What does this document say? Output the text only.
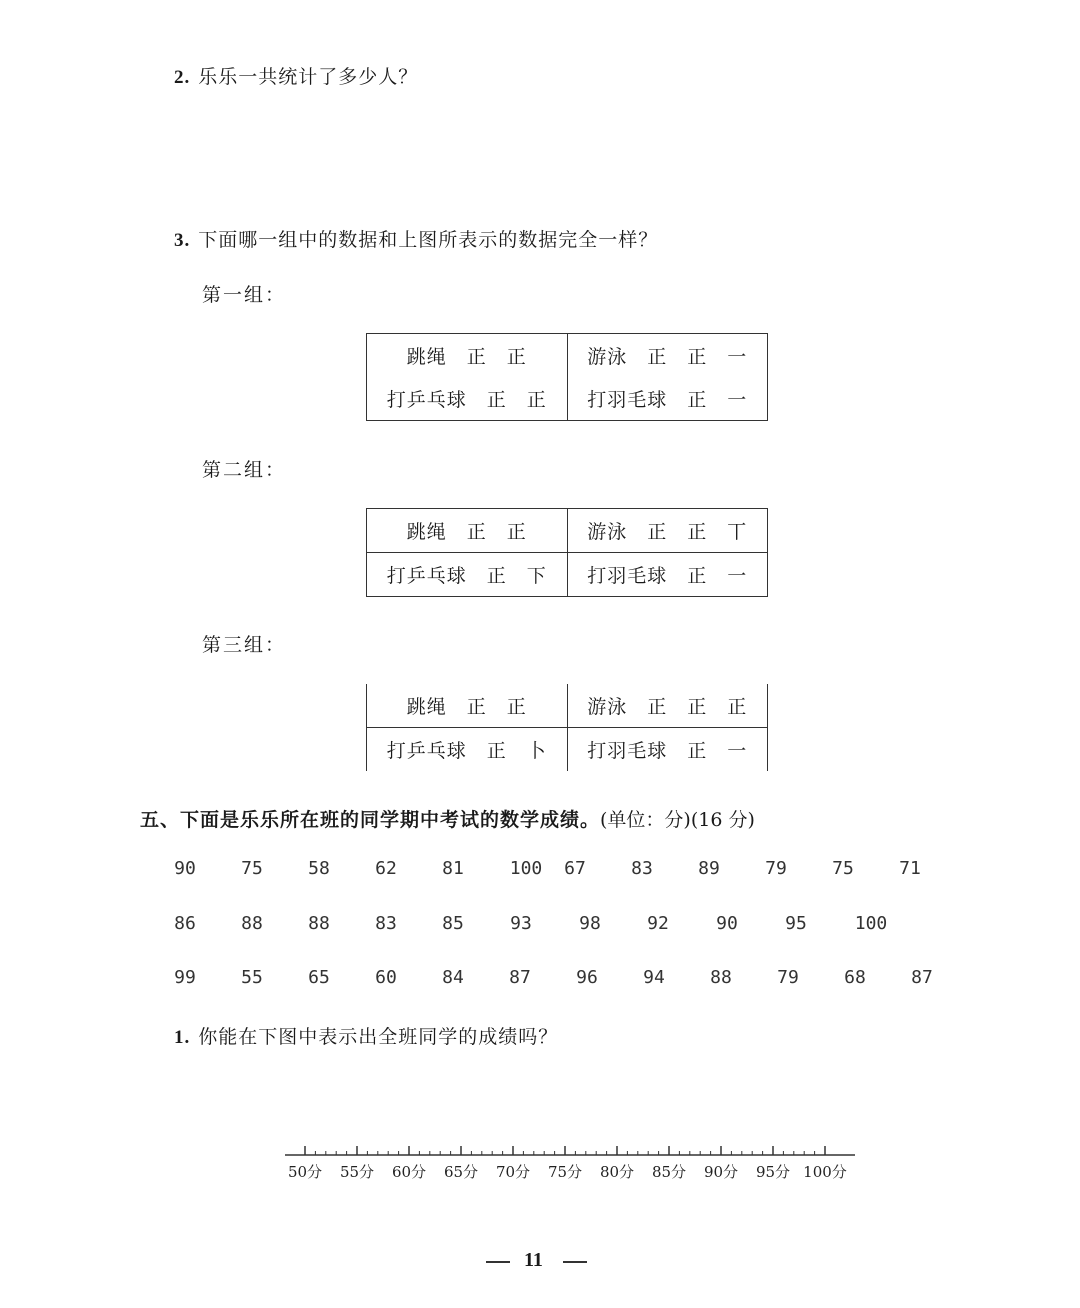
2. 乐乐一共统计了多少人？
3. 下面哪一组中的数据和上图所表示的数据完全一样？
第一组：
跳绳　正　正	游泳　正　正　一
打乒乓球　正　正	打羽毛球　正　一
第二组：
跳绳　正　正	游泳　正　正　丅
打乒乓球　正　下	打羽毛球　正　一
第三组：
跳绳　正　正	游泳　正　正　正
打乒乓球　正　卜	打羽毛球　正　一
五、下面是乐乐所在班的同学期中考试的数学成绩。(单位：分)(16 分)
90	75	58	62	81	100 67	83	89	79	75	71
86	88	88	83	85	93	98	92	90	95	100
99	55	65	60	84	87	96	94	88	79	68	87
1. 你能在下图中表示出全班同学的成绩吗？
50分 55分 60分 65分 70分 75分 80分 85分 90分 95分 100分
11
